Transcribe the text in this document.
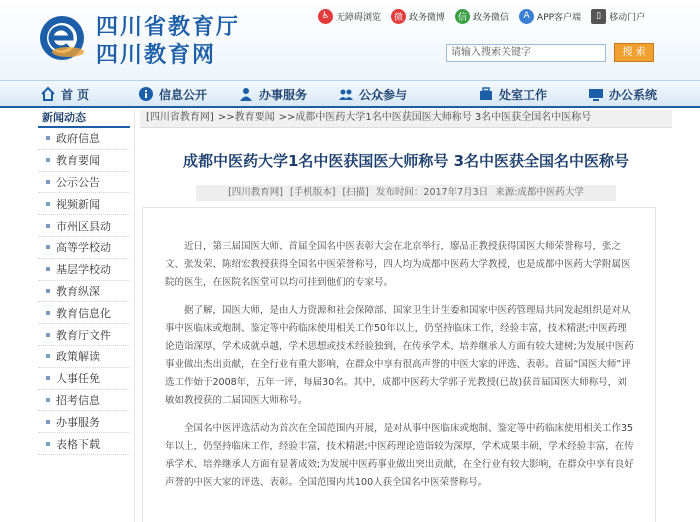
四川省教育厅
四川教育网
♿ 无障碍浏览	微 政务微博	信 政务微信	A APP客户端	▯ 移动门户
请输入搜索关键字	搜 索
首 页	信息公开	办事服务	公众参与	处室工作	办公系统
新闻动态
政府信息
教育要闻
公示公告
视频新闻
市州区县动
高等学校动
基层学校动
教育纵深
教育信息化
教育厅文件
政策解读
人事任免
招考信息
办事服务
表格下载
[四川省教育网] >>教育要闻 >>成都中医药大学1名中医获国医大师称号 3名中医获全国名中医称号
成都中医药大学1名中医获国医大师称号 3名中医获全国名中医称号
[四川教育网] [手机版本] [扫描] 发布时间：2017年7月3日 来源:成都中医药大学

近日，第三届国医大师、首届全国名中医表彰大会在北京举行，廖品正教授获得国医大师荣誉称号，张之文、张发荣、陈绍宏教授获得全国名中医荣誉称号，四人均为成都中医药大学教授，也是成都中医药大学附属医院的医生，在医院名医堂可以均可挂到他们的专家号。

据了解，国医大师，是由人力资源和社会保障部、国家卫生计生委和国家中医药管理局共同发起组织是对从事中医临床或炮制、鉴定等中药临床使用相关工作50年以上，仍坚持临床工作，经验丰富，技术精湛;中医药理论造诣深厚，学术成就卓越，学术思想或技术经验独到，在传承学术、培养继承人方面有较大建树;为发展中医药事业做出杰出贡献，在全行业有重大影响，在群众中享有很高声誉的中医大家的评选、表彰。首届“国医大师”评选工作始于2008年，五年一评，每届30名。其中，成都中医药大学郭子光教授(已故)获首届国医大师称号，刘敏如教授获的二届国医大师称号。

全国名中医评选活动为首次在全国范围内开展，是对从事中医临床或炮制、鉴定等中药临床使用相关工作35年以上，仍坚持临床工作，经验丰富，技术精湛;中医药理论造诣较为深厚，学术成果丰硕，学术经验丰富，在传承学术、培养继承人方面有显著成效;为发展中医药事业做出突出贡献，在全行业有较大影响，在群众中享有良好声誉的中医大家的评选、表彰。全国范围内共100人获全国名中医荣誉称号。
